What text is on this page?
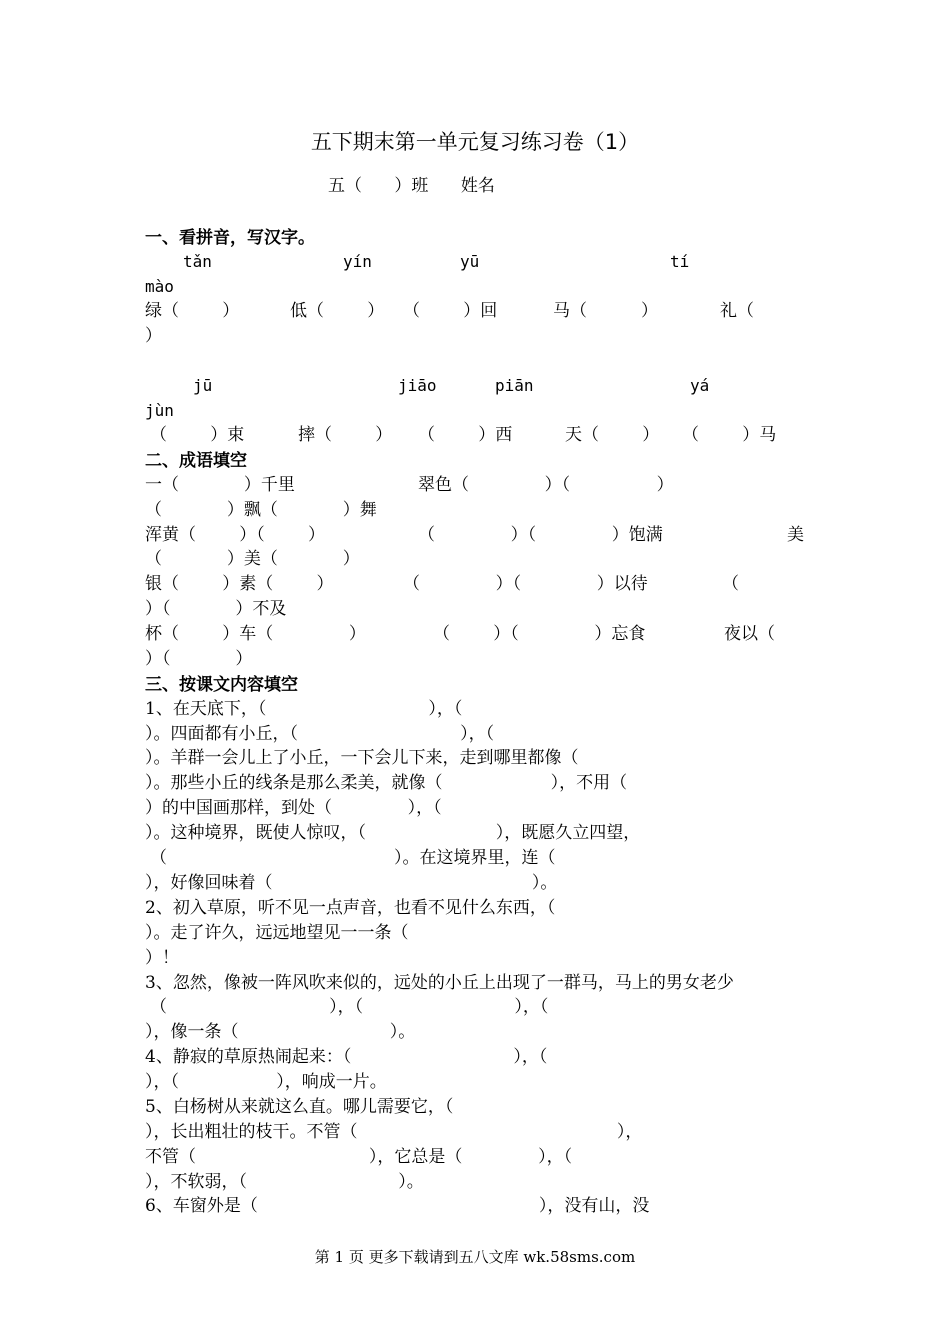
五下期末第一单元复习练习卷（1）
五（      ）班      姓名
一、看拼音，写汉字。
tǎn	yín	yū	tí
mào
绿（        ）	低（        ） （        ）回	马（          ）	礼（
）
jū	jiāo	piān	yá
jùn
（        ）束	摔（        ） （        ）西	天（        ） （        ）马
二、成语填空
一（            ）千里	翠色（              ）（                ）
（            ）飘（            ）舞
浑黄（        ）（        ）	（              ）（              ）饱满	美
（            ）美（            ）
银（        ）素（        ）	（              ）（              ）以待	（
）（            ）不及
杯（        ）车（              ）	（        ）（              ）忘食	夜以（
）（            ）
三、按课文内容填空
1、在天底下，（                              ），（
）。四面都有小丘，（                              ），（
）。羊群一会儿上了小丘，一下会儿下来，走到哪里都像（
）。那些小丘的线条是那么柔美，就像（                    ），不用（
）的中国画那样，到处（              ），（
）。这种境界，既使人惊叹，（                        ），既愿久立四望，
（                                          ）。在这境界里，连（
），好像回味着（                                                ）。
2、初入草原，听不见一点声音，也看不见什么东西，（
）。走了许久，远远地望见一一条（
）！
3、忽然，像被一阵风吹来似的，远处的小丘上出现了一群马，马上的男女老少
（                              ），（                            ），（
），像一条（                            ）。
4、静寂的草原热闹起来：（                              ），（
），（                  ），响成一片。
5、白杨树从来就这么直。哪儿需要它，（
），长出粗壮的枝干。不管（                                                ），
不管（                                ），它总是（              ），（
），不软弱，（                            ）。
6、车窗外是（                                                    ），没有山，没
第 1 页 更多下载请到五八文库 wk.58sms.com
